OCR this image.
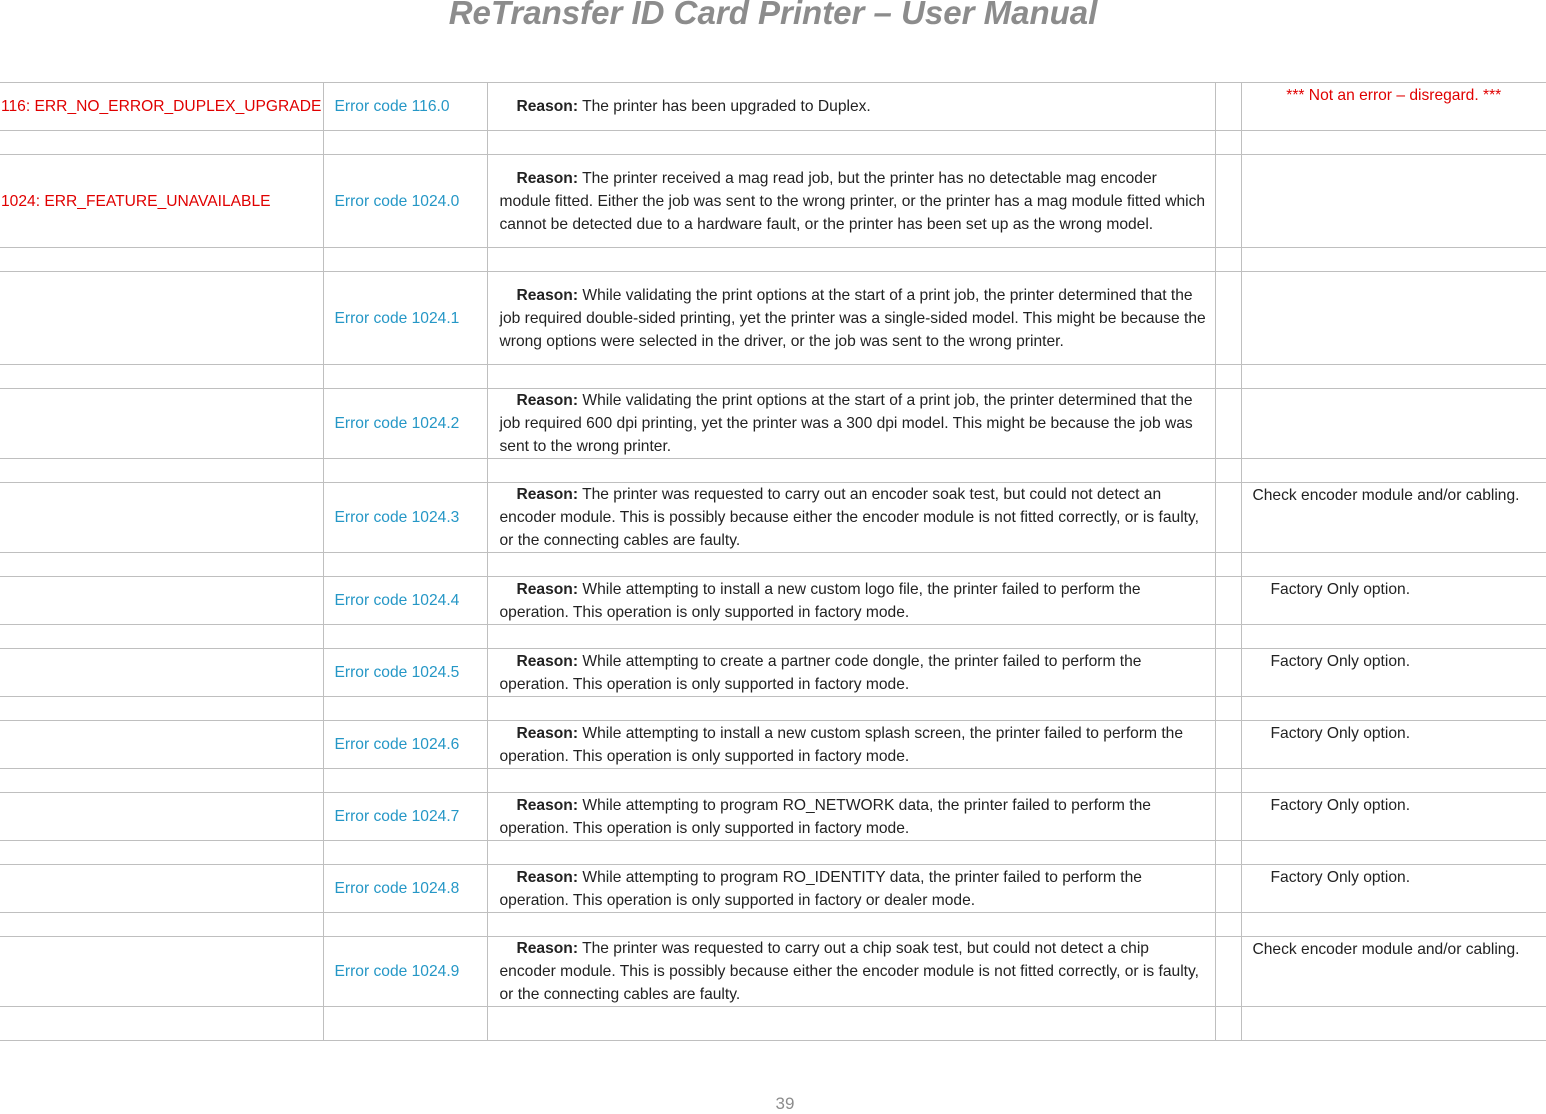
ReTransfer ID Card Printer – User Manual
116: ERR_NO_ERROR_DUPLEX_UPGRADE	Error code 116.0	Reason: The printer has been upgraded to Duplex.		*** Not an error – disregard. ***

1024: ERR_FEATURE_UNAVAILABLE	Error code 1024.0	Reason: The printer received a mag read job, but the printer has no detectable mag encoder module fitted. Either the job was sent to the wrong printer, or the printer has a mag module fitted which cannot be detected due to a hardware fault, or the printer has been set up as the wrong model.		

	Error code 1024.1	Reason: While validating the print options at the start of a print job, the printer determined that the job required double-sided printing, yet the printer was a single-sided model. This might be because the wrong options were selected in the driver, or the job was sent to the wrong printer.		

	Error code 1024.2	Reason: While validating the print options at the start of a print job, the printer determined that the job required 600 dpi printing, yet the printer was a 300 dpi model. This might be because the job was sent to the wrong printer.		

	Error code 1024.3	Reason: The printer was requested to carry out an encoder soak test, but could not detect an encoder module. This is possibly because either the encoder module is not fitted correctly, or is faulty, or the connecting cables are faulty.		Check encoder module and/or cabling.

	Error code 1024.4	Reason: While attempting to install a new custom logo file, the printer failed to perform the operation. This operation is only supported in factory mode.		Factory Only option.

	Error code 1024.5	Reason: While attempting to create a partner code dongle, the printer failed to perform the operation. This operation is only supported in factory mode.		Factory Only option.

	Error code 1024.6	Reason: While attempting to install a new custom splash screen, the printer failed to perform the operation. This operation is only supported in factory mode.		Factory Only option.

	Error code 1024.7	Reason: While attempting to program RO_NETWORK data, the printer failed to perform the operation. This operation is only supported in factory mode.		Factory Only option.

	Error code 1024.8	Reason: While attempting to program RO_IDENTITY data, the printer failed to perform the operation. This operation is only supported in factory or dealer mode.		Factory Only option.

	Error code 1024.9	Reason: The printer was requested to carry out a chip soak test, but could not detect a chip encoder module. This is possibly because either the encoder module is not fitted correctly, or is faulty, or the connecting cables are faulty.		Check encoder module and/or cabling.

39
